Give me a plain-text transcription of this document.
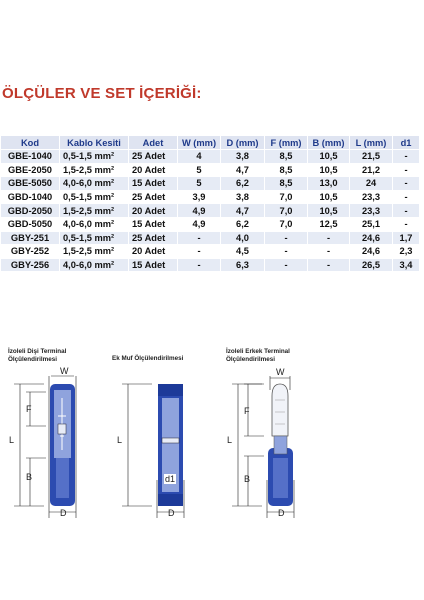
ÖLÇÜLER VE SET İÇERİĞİ:
Kod	Kablo Kesiti	Adet	W (mm)	D (mm)	F (mm)	B (mm)	L (mm)	d1
GBE-1040	0,5-1,5 mm²	25 Adet	4	3,8	8,5	10,5	21,5	-
GBE-2050	1,5-2,5 mm²	20 Adet	5	4,7	8,5	10,5	21,2	-
GBE-5050	4,0-6,0 mm²	15 Adet	5	6,2	8,5	13,0	24	-
GBD-1040	0,5-1,5 mm²	25 Adet	3,9	3,8	7,0	10,5	23,3	-
GBD-2050	1,5-2,5 mm²	20 Adet	4,9	4,7	7,0	10,5	23,3	-
GBD-5050	4,0-6,0 mm²	15 Adet	4,9	6,2	7,0	12,5	25,1	-
GBY-251	0,5-1,5 mm²	25 Adet	-	4,0	-	-	24,6	1,7
GBY-252	1,5-2,5 mm²	20 Adet	-	4,5	-	-	24,6	2,3
GBY-256	4,0-6,0 mm²	15 Adet	-	6,3	-	-	26,5	3,4
İzoleli Dişi Terminal Ölçülendirilmesi
W
F
L
B
D
Ek Muf Ölçülendirilmesi
L
d1
D
İzoleli Erkek Terminal Ölçülendirilmesi
W
F
L
B
D
